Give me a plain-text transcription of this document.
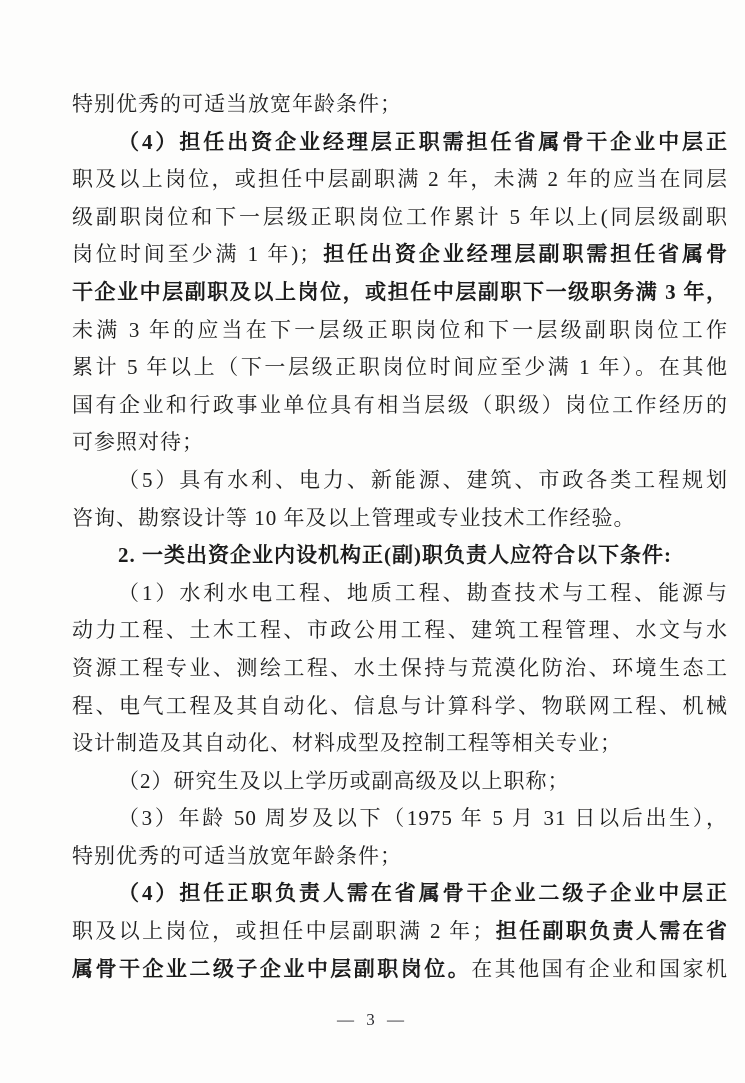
特别优秀的可适当放宽年龄条件；
（4）担任出资企业经理层正职需担任省属骨干企业中层正
职及以上岗位，或担任中层副职满 2 年，未满 2 年的应当在同层
级副职岗位和下一层级正职岗位工作累计 5 年以上(同层级副职
岗位时间至少满 1 年)；担任出资企业经理层副职需担任省属骨
干企业中层副职及以上岗位，或担任中层副职下一级职务满 3 年，
未满 3 年的应当在下一层级正职岗位和下一层级副职岗位工作
累计 5 年以上（下一层级正职岗位时间应至少满 1 年）。在其他
国有企业和行政事业单位具有相当层级（职级）岗位工作经历的
可参照对待；
（5）具有水利、电力、新能源、建筑、市政各类工程规划
咨询、勘察设计等 10 年及以上管理或专业技术工作经验。
2. 一类出资企业内设机构正(副)职负责人应符合以下条件:
（1）水利水电工程、地质工程、勘查技术与工程、能源与
动力工程、土木工程、市政公用工程、建筑工程管理、水文与水
资源工程专业、测绘工程、水土保持与荒漠化防治、环境生态工
程、电气工程及其自动化、信息与计算科学、物联网工程、机械
设计制造及其自动化、材料成型及控制工程等相关专业；
（2）研究生及以上学历或副高级及以上职称；
（3）年龄 50 周岁及以下（1975 年 5 月 31 日以后出生），
特别优秀的可适当放宽年龄条件；
（4）担任正职负责人需在省属骨干企业二级子企业中层正
职及以上岗位，或担任中层副职满 2 年；担任副职负责人需在省
属骨干企业二级子企业中层副职岗位。在其他国有企业和国家机
— 3 —
